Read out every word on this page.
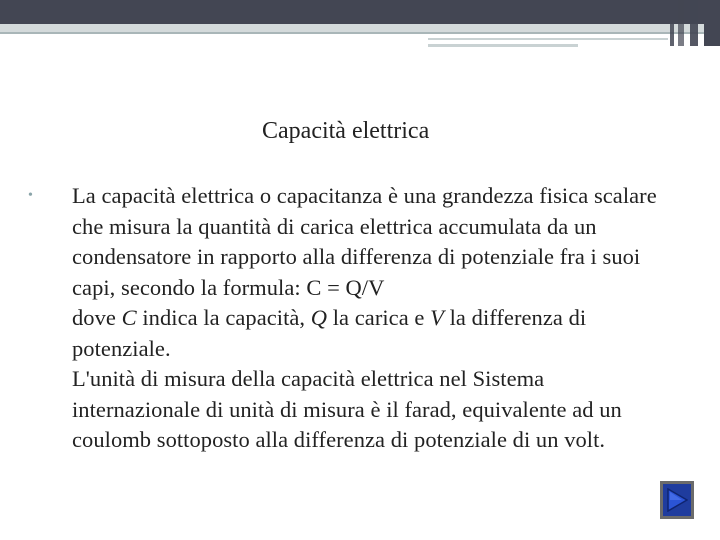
Capacità elettrica
•	La capacità elettrica o capacitanza è una grandezza fisica scalare che misura la quantità di carica elettrica accumulata da un condensatore in rapporto alla differenza di potenziale fra i suoi capi, secondo la formula: C = Q/V

dove C indica la capacità, Q la carica e V la differenza di potenziale.

L'unità di misura della capacità elettrica nel Sistema internazionale di unità di misura è il farad, equivalente ad un coulomb sottoposto alla differenza di potenziale di un volt.
